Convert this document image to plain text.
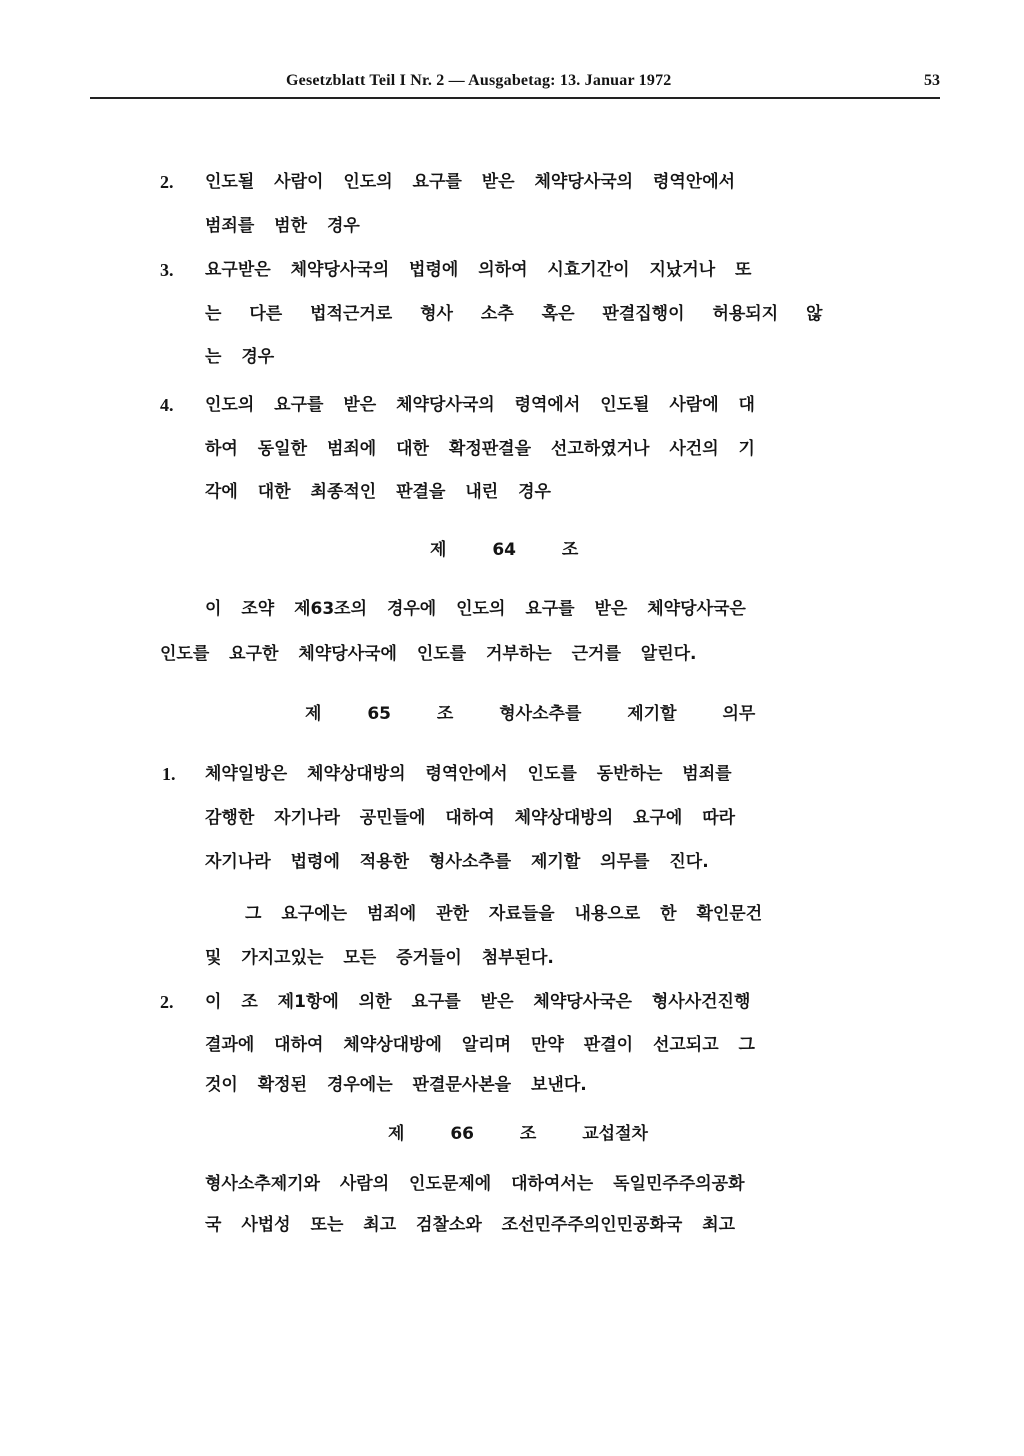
Gesetzblatt Teil I Nr. 2 — Ausgabetag: 13. Januar 1972	53
2. 인도될 사람이 인도의 요구를 받은 체약당사국의 령역안에서
범죄를 범한 경우
3. 요구받은 체약당사국의 법령에 의하여 시효기간이 지났거나 또
는 다른 법적근거로 형사 소추 혹은 판결집행이 허용되지 않
는 경우
4. 인도의 요구를 받은 체약당사국의 령역에서 인도될 사람에 대
하여 동일한 범죄에 대한 확정판결을 선고하였거나 사건의 기
각에 대한 최종적인 판결을 내린 경우
제 64 조
이 조약 제63조의 경우에 인도의 요구를 받은 체약당사국은
인도를 요구한 체약당사국에 인도를 거부하는 근거를 알린다.
제 65 조 형사소추를 제기할 의무
1. 체약일방은 체약상대방의 령역안에서 인도를 동반하는 범죄를
감행한 자기나라 공민들에 대하여 체약상대방의 요구에 따라
자기나라 법령에 적용한 형사소추를 제기할 의무를 진다.
그 요구에는 범죄에 관한 자료들을 내용으로 한 확인문건
및 가지고있는 모든 증거들이 첨부된다.
2. 이 조 제1항에 의한 요구를 받은 체약당사국은 형사사건진행
결과에 대하여 체약상대방에 알리며 만약 판결이 선고되고 그
것이 확정된 경우에는 판결문사본을 보낸다.
제 66 조 교섭절차
형사소추제기와 사람의 인도문제에 대하여서는 독일민주주의공화
국 사법성 또는 최고 검찰소와 조선민주주의인민공화국 최고
